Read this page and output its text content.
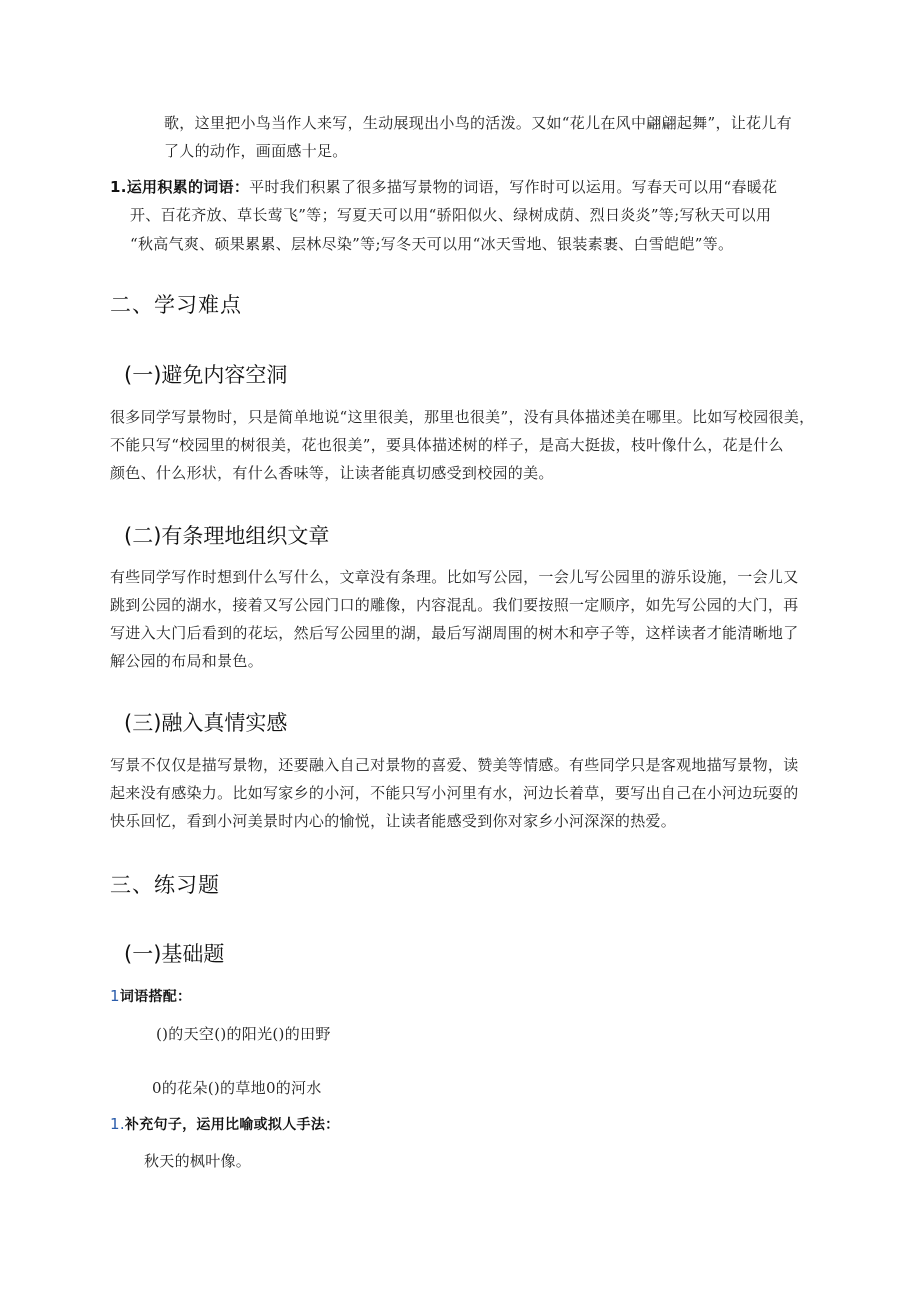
歌，这里把小鸟当作人来写，生动展现出小鸟的活泼。又如“花儿在风中翩翩起舞”，让花儿有

了人的动作，画面感十足。

1.运用积累的词语：平时我们积累了很多描写景物的词语，写作时可以运用。写春天可以用“春暖花

开、百花齐放、草长莺飞”等；写夏天可以用“骄阳似火、绿树成荫、烈日炎炎”等;写秋天可以用

“秋高气爽、硕果累累、层林尽染”等;写冬天可以用“冰天雪地、银装素裹、白雪皑皑”等。

二、学习难点
(一)避免内容空洞

很多同学写景物时，只是简单地说“这里很美，那里也很美”，没有具体描述美在哪里。比如写校园很美，

不能只写“校园里的树很美，花也很美”，要具体描述树的样子，是高大挺拔，枝叶像什么，花是什么

颜色、什么形状，有什么香味等，让读者能真切感受到校园的美。

(二)有条理地组织文章

有些同学写作时想到什么写什么，文章没有条理。比如写公园，一会儿写公园里的游乐设施，一会儿又

跳到公园的湖水，接着又写公园门口的雕像，内容混乱。我们要按照一定顺序，如先写公园的大门，再

写进入大门后看到的花坛，然后写公园里的湖，最后写湖周围的树木和亭子等，这样读者才能清晰地了

解公园的布局和景色。

(三)融入真情实感

写景不仅仅是描写景物，还要融入自己对景物的喜爱、赞美等情感。有些同学只是客观地描写景物，读

起来没有感染力。比如写家乡的小河，不能只写小河里有水，河边长着草，要写出自己在小河边玩耍的

快乐回忆，看到小河美景时内心的愉悦，让读者能感受到你对家乡小河深深的热爱。

三、练习题
(一)基础题

1词语搭配：

()的天空()的阳光()的田野

0的花朵()的草地0的河水

1.补充句子，运用比喻或拟人手法：

秋天的枫叶像。
